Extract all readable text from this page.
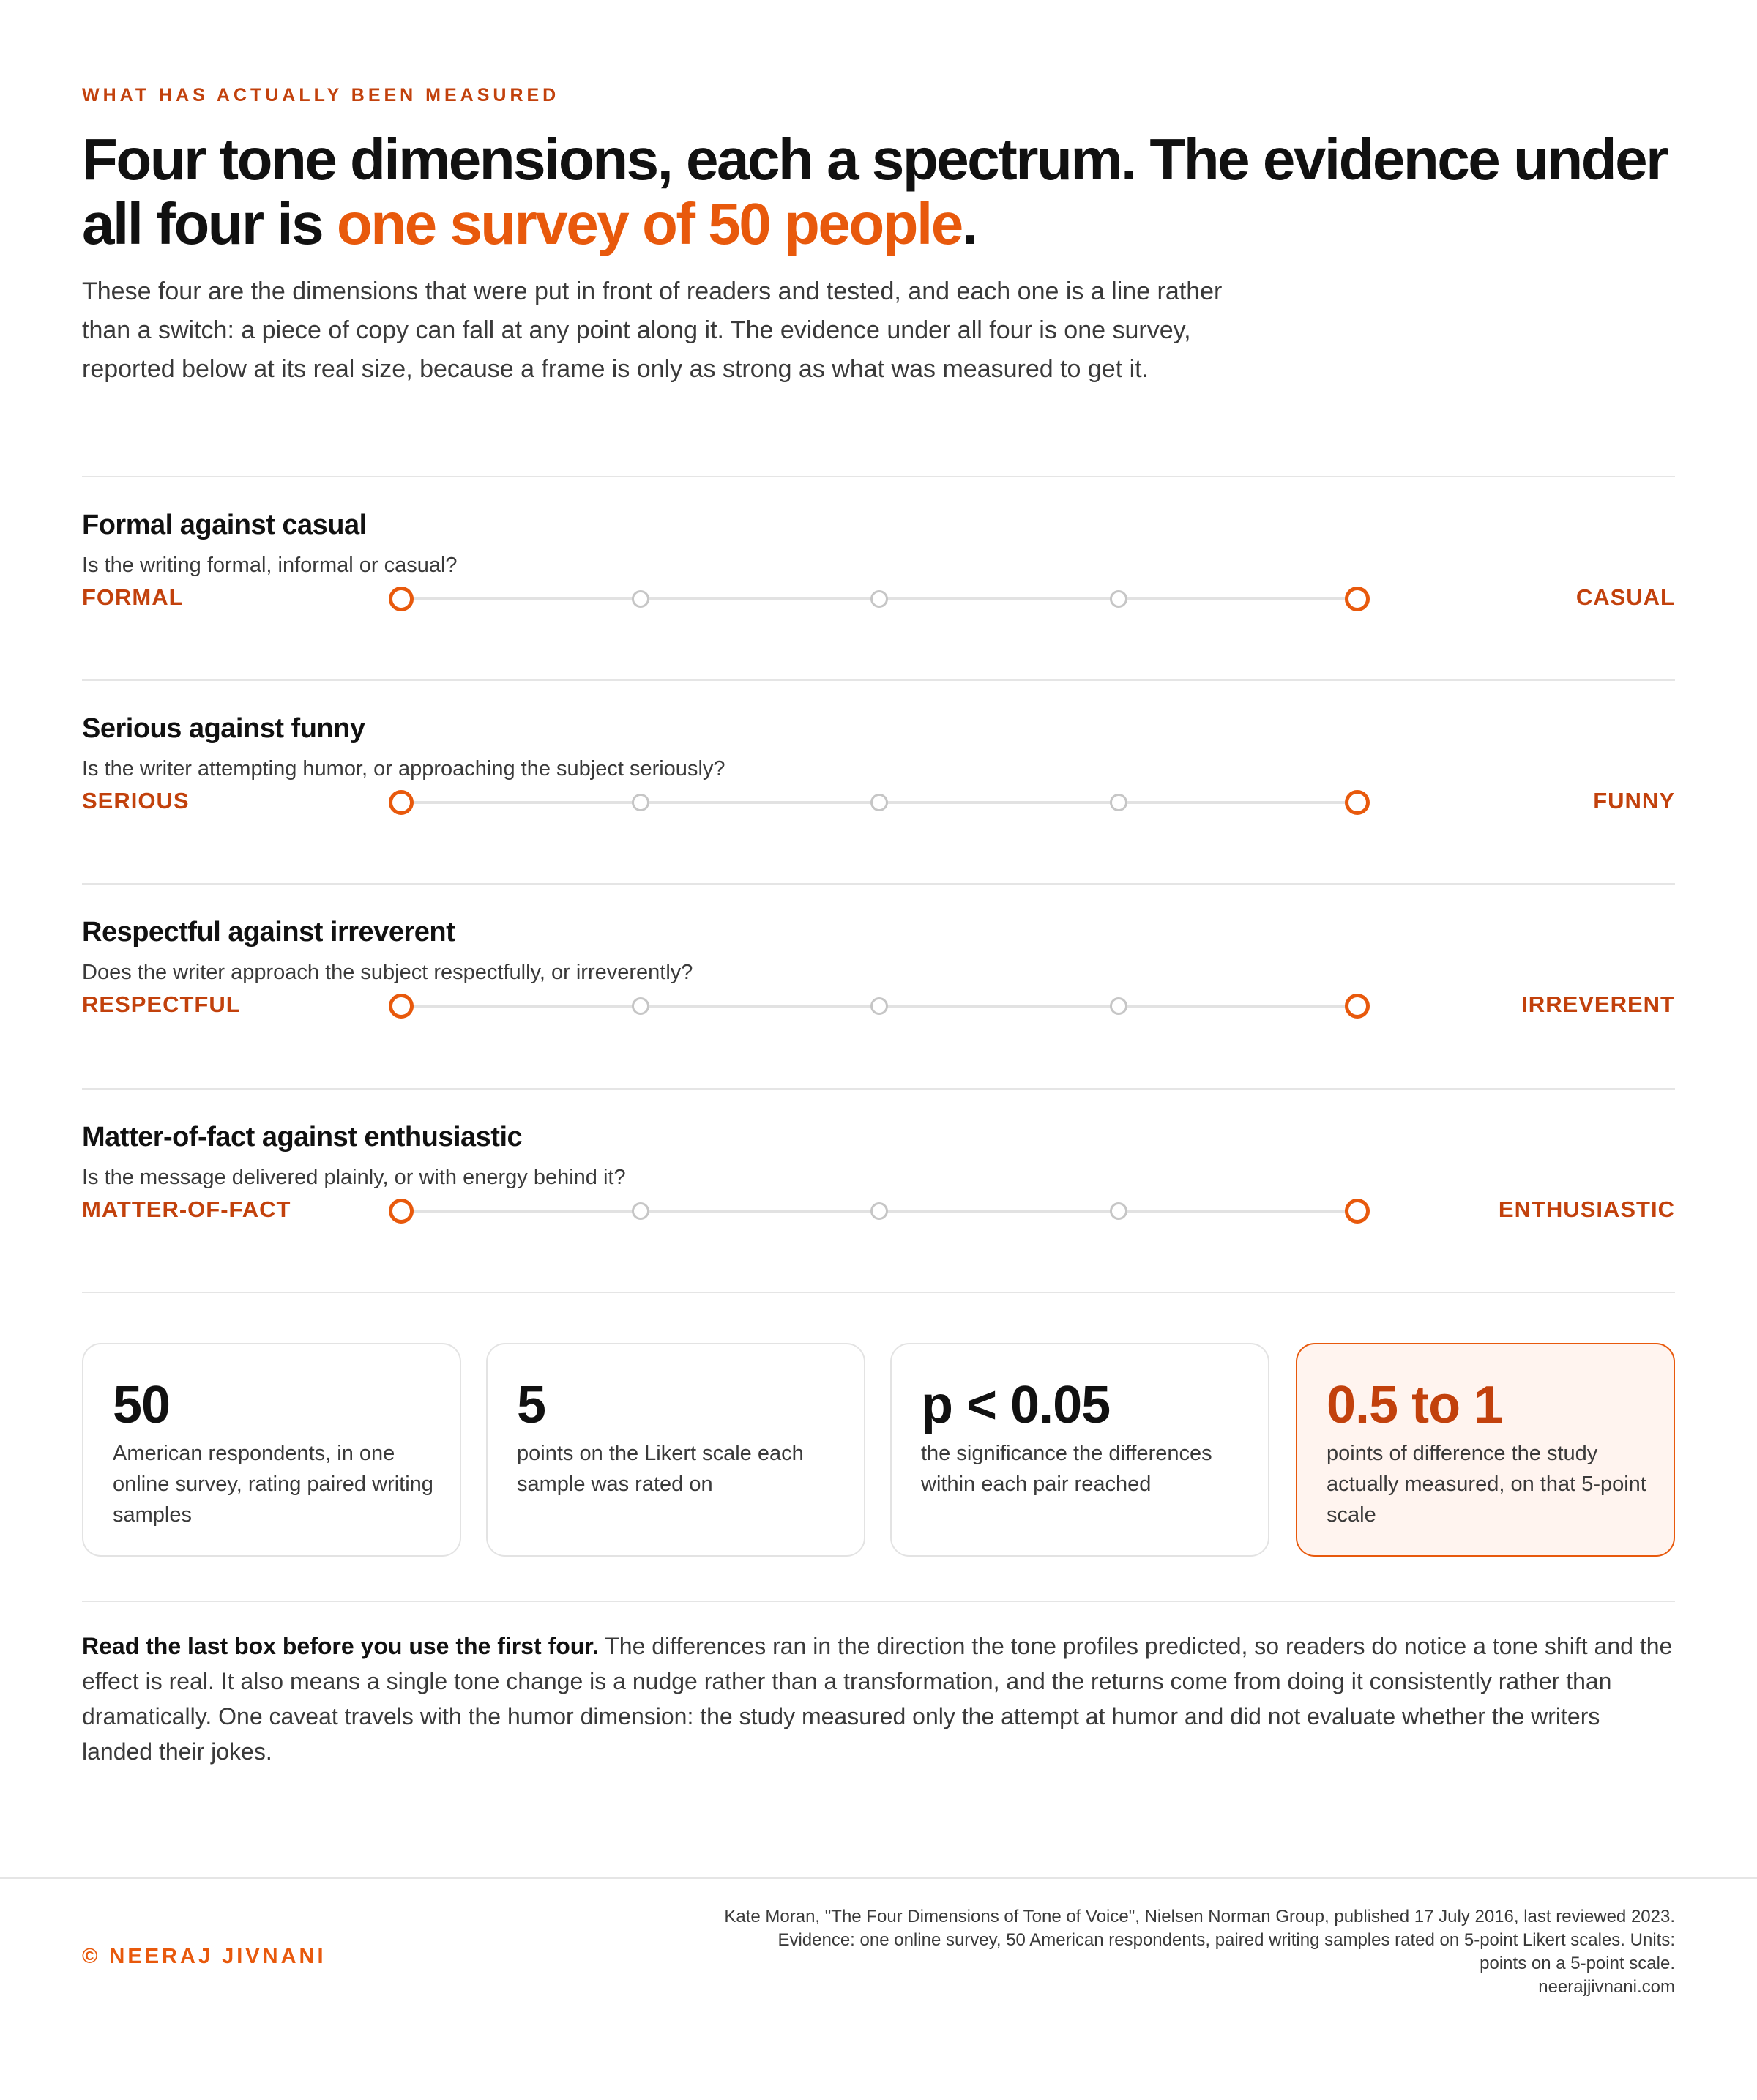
WHAT HAS ACTUALLY BEEN MEASURED
Four tone dimensions, each a spectrum. The evidence under
all four is one survey of 50 people.

These four are the dimensions that were put in front of readers and tested, and each one is a line rather than a switch: a piece of copy can fall at any point along it. The evidence under all four is one survey, reported below at its real size, because a frame is only as strong as what was measured to get it.

Formal against casual
Is the writing formal, informal or casual?
FORMAL	CASUAL
Serious against funny
Is the writer attempting humor, or approaching the subject seriously?
SERIOUS	FUNNY
Respectful against irreverent
Does the writer approach the subject respectfully, or irreverently?
RESPECTFUL	IRREVERENT
Matter-of-fact against enthusiastic
Is the message delivered plainly, or with energy behind it?
MATTER-OF-FACT	ENTHUSIASTIC
50
American respondents, in one online survey, rating paired writing samples
5
points on the Likert scale each sample was rated on
p < 0.05
the significance the differences within each pair reached
0.5 to 1
points of difference the study actually measured, on that 5-point scale

Read the last box before you use the first four. The differences ran in the direction the tone profiles predicted, so readers do notice a tone shift and the effect is real. It also means a single tone change is a nudge rather than a transformation, and the returns come from doing it consistently rather than dramatically. One caveat travels with the humor dimension: the study measured only the attempt at humor and did not evaluate whether the writers landed their jokes.

© NEERAJ JIVNANI
Kate Moran, "The Four Dimensions of Tone of Voice", Nielsen Norman Group, published 17 July 2016, last reviewed 2023.
Evidence: one online survey, 50 American respondents, paired writing samples rated on 5-point Likert scales. Units:
points on a 5-point scale.
neerajjivnani.com
